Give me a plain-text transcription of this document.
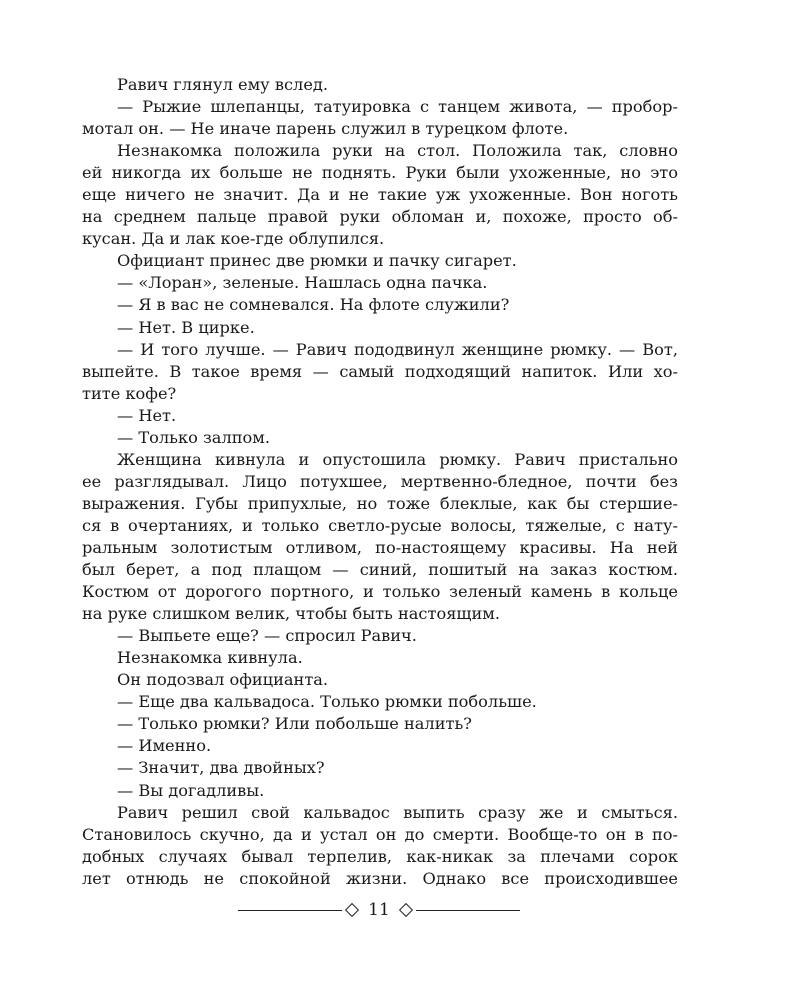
Равич глянул ему вслед.
— Рыжие шлепанцы, татуировка с танцем живота, — пробор-
мотал он. — Не иначе парень служил в турецком флоте.
Незнакомка положила руки на стол. Положила так, словно
ей никогда их больше не поднять. Руки были ухоженные, но это
еще ничего не значит. Да и не такие уж ухоженные. Вон ноготь
на среднем пальце правой руки обломан и, похоже, просто об-
кусан. Да и лак кое-где облупился.
Официант принес две рюмки и пачку сигарет.
— «Лоран», зеленые. Нашлась одна пачка.
— Я в вас не сомневался. На флоте служили?
— Нет. В цирке.
— И того лучше. — Равич пододвинул женщине рюмку. — Вот,
выпейте. В такое время — самый подходящий напиток. Или хо-
тите кофе?
— Нет.
— Только залпом.
Женщина кивнула и опустошила рюмку. Равич пристально
ее разглядывал. Лицо потухшее, мертвенно-бледное, почти без
выражения. Губы припухлые, но тоже блеклые, как бы стершие-
ся в очертаниях, и только светло-русые волосы, тяжелые, с нату-
ральным золотистым отливом, по-настоящему красивы. На ней
был берет, а под плащом — синий, пошитый на заказ костюм.
Костюм от дорогого портного, и только зеленый камень в кольце
на руке слишком велик, чтобы быть настоящим.
— Выпьете еще? — спросил Равич.
Незнакомка кивнула.
Он подозвал официанта.
— Еще два кальвадоса. Только рюмки побольше.
— Только рюмки? Или побольше налить?
— Именно.
— Значит, два двойных?
— Вы догадливы.
Равич решил свой кальвадос выпить сразу же и смыться.
Становилось скучно, да и устал он до смерти. Вообще-то он в по-
добных случаях бывал терпелив, как-никак за плечами сорок
лет отнюдь не спокойной жизни. Однако все происходившее
11
